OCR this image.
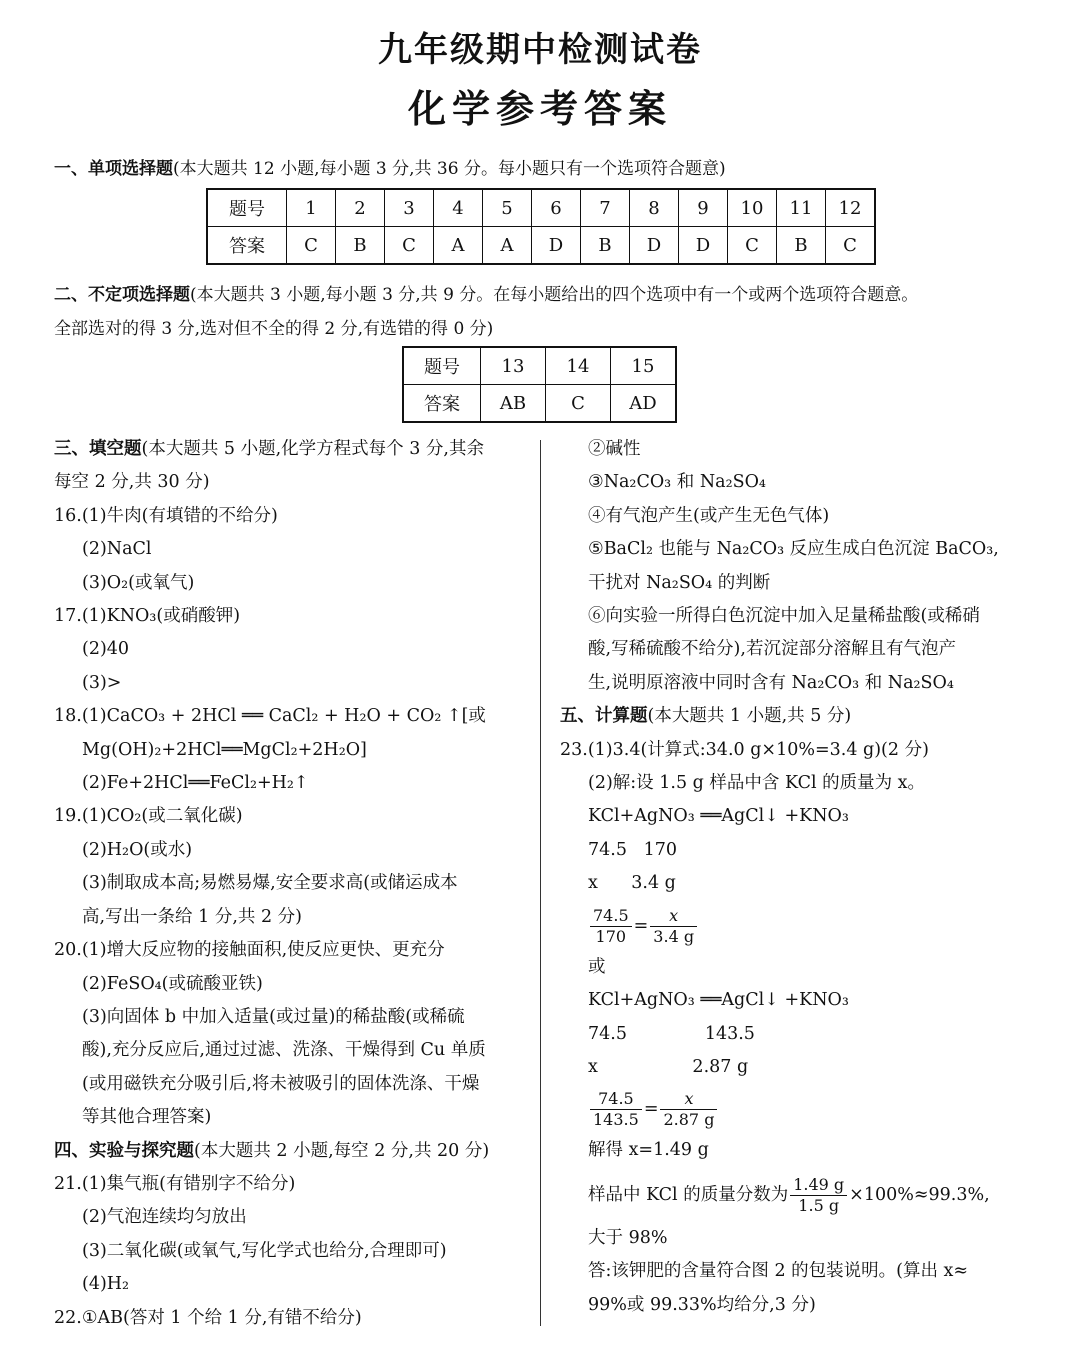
九年级期中检测试卷
化学参考答案
一、单项选择题(本大题共 12 小题,每小题 3 分,共 36 分。每小题只有一个选项符合题意)
题号	1	2	3	4	5	6	7	8	9	10	11	12
答案	C	B	C	A	A	D	B	D	D	C	B	C
二、不定项选择题(本大题共 3 小题,每小题 3 分,共 9 分。在每小题给出的四个选项中有一个或两个选项符合题意。
全部选对的得 3 分,选对但不全的得 2 分,有选错的得 0 分)
题号	13	14	15
答案	AB	C	AD
三、填空题(本大题共 5 小题,化学方程式每个 3 分,其余
每空 2 分,共 30 分)
16.(1)牛肉(有填错的不给分)
(2)NaCl
(3)O₂(或氧气)
17.(1)KNO₃(或硝酸钾)
(2)40
(3)>
18.(1)CaCO₃ + 2HCl ══ CaCl₂ + H₂O + CO₂ ↑[或
Mg(OH)₂+2HCl══MgCl₂+2H₂O]
(2)Fe+2HCl══FeCl₂+H₂↑
19.(1)CO₂(或二氧化碳)
(2)H₂O(或水)
(3)制取成本高;易燃易爆,安全要求高(或储运成本
高,写出一条给 1 分,共 2 分)
20.(1)增大反应物的接触面积,使反应更快、更充分
(2)FeSO₄(或硫酸亚铁)
(3)向固体 b 中加入适量(或过量)的稀盐酸(或稀硫
酸),充分反应后,通过过滤、洗涤、干燥得到 Cu 单质
(或用磁铁充分吸引后,将未被吸引的固体洗涤、干燥
等其他合理答案)
四、实验与探究题(本大题共 2 小题,每空 2 分,共 20 分)
21.(1)集气瓶(有错别字不给分)
(2)气泡连续均匀放出
(3)二氧化碳(或氧气,写化学式也给分,合理即可)
(4)H₂
22.①AB(答对 1 个给 1 分,有错不给分)
②碱性
③Na₂CO₃ 和 Na₂SO₄
④有气泡产生(或产生无色气体)
⑤BaCl₂ 也能与 Na₂CO₃ 反应生成白色沉淀 BaCO₃,
干扰对 Na₂SO₄ 的判断
⑥向实验一所得白色沉淀中加入足量稀盐酸(或稀硝
酸,写稀硫酸不给分),若沉淀部分溶解且有气泡产
生,说明原溶液中同时含有 Na₂CO₃ 和 Na₂SO₄
五、计算题(本大题共 1 小题,共 5 分)
23.(1)3.4(计算式:34.0 g×10%=3.4 g)(2 分)
(2)解:设 1.5 g 样品中含 KCl 的质量为 x。
KCl+AgNO₃ ══AgCl↓ +KNO₃
74.5   170
x      3.4 g
$\frac{74.5}{170} = \frac{x}{3.4 g}$
或
KCl+AgNO₃ ══AgCl↓ +KNO₃
74.5              143.5
x                 2.87 g
$\frac{74.5}{143.5} = \frac{x}{2.87 g}$
解得 x=1.49 g
样品中 KCl 的质量分数为 $\frac{1.49 g}{1.5 g} \times 100\%\approx 99.3\%$,
大于 98%
答:该钾肥的含量符合图 2 的包装说明。(算出 x≈
99%或 99.33%均给分,3 分)
